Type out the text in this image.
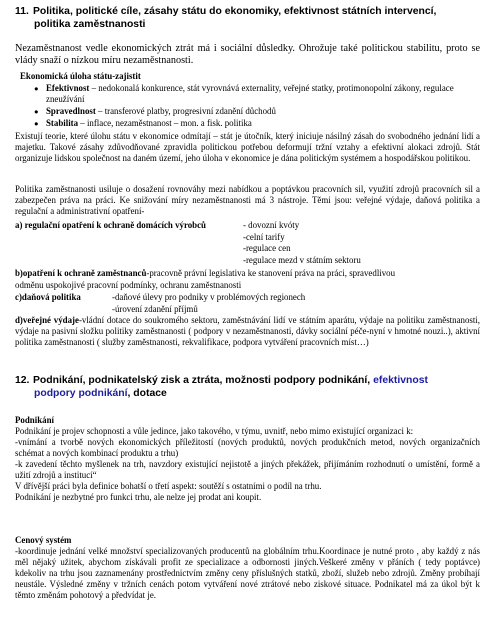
11. Politika, politické cíle, zásahy státu do ekonomiky, efektivnost státních intervencí,
politika zaměstnanosti
Nezaměstnanost vedle ekonomických ztrát má i sociální důsledky. Ohrožuje také politickou stabilitu, proto se vlády snaží o nízkou míru nezaměstnanosti.
Ekonomická úloha státu-zajistit
● Efektivnost – nedokonalá konkurence, stát vyrovnává externality, veřejné statky, protimonopolní zákony, regulace zneužívání
● Spravedlnost – transferové platby, progresivní zdanění důchodů
● Stabilita – inflace, nezaměstnanost – mon. a fisk. politika
Existují teorie, které úlohu státu v ekonomice odmítají – stát je útočník, který iniciuje násilný zásah do svobodného jednání lidí a majetku. Takové zásahy zdůvodňované zpravidla politickou potřebou deformují tržní vztahy a efektivní alokaci zdrojů. Stát organizuje lidskou společnost na daném území, jeho úloha v ekonomice je dána politickým systémem a hospodářskou politikou.
Politika zaměstnanosti usiluje o dosažení rovnováhy mezi nabídkou a poptávkou pracovních sil, využití zdrojů pracovních sil a zabezpečen práva na práci. Ke snižování míry nezaměstnanosti má 3 nástroje. Těmi jsou: veřejné výdaje, daňová politika a regulační a administrativní opatření-
a) regulační opatření k ochraně domácích výrobců	- dovozní kvóty
-celní tarify
-regulace cen
-regulace mezd v státním sektoru
b)opatření k ochraně zaměstnanců-pracovně právní legislativa ke stanovení práva na práci, spravedlivou
odměnu uspokojivé pracovní podmínky, ochranu zaměstnanosti
c)daňová politika	-daňové úlevy pro podniky v problémových regionech
-úrovení zdanění příjmů
d)veřejné výdaje-vládní dotace do soukromého sektoru, zaměstnávání lidí ve státním aparátu, výdaje na politiku zaměstnanosti, výdaje na pasivní složku politiky zaměstnanosti ( podpory v nezaměstnanosti, dávky sociální péče-nyní v hmotné nouzi..), aktivní politika zaměstnanosti ( služby zaměstnanosti, rekvalifikace, podpora vytváření pracovních míst…)
12. Podnikání, podnikatelský zisk a ztráta, možnosti podpory podnikání, efektivnost
podpory podnikání, dotace
Podnikání
Podnikání je projev schopnosti a vůle jedince, jako takového, v týmu, uvnitř, nebo mimo existující organizaci k:
-vnímání a tvorbě nových ekonomických příležitostí (nových produktů, nových produkčních metod, nových organizačních schémat a nových kombinací produktu a trhu)
-k zavedení těchto myšlenek na trh, navzdory existující nejistotě a jiných překážek, přijímáním rozhodnutí o umístění, formě a užití zdrojů a institucí“
V dřívější práci byla definice bohatší o třetí aspekt: soutěží s ostatními o podíl na trhu.
Podnikání je nezbytné pro funkci trhu, ale nelze jej prodat ani koupit.
Cenový systém
-koordinuje jednání velké množství specializovaných producentů na globálním trhu.Koordinace je nutné proto , aby každý z nás měl nějaký užitek, abychom získávali profit ze specializace a odbornosti jiných.Veškeré změny v přáních ( tedy poptávce) kdekoliv na trhu jsou zaznamenány prostřednictvím změny ceny příslušných statků, zboží, služeb nebo zdrojů. Změny probíhají neustále. Výsledné změny v tržních cenách potom vytváření nové ztrátové nebo ziskové situace. Podnikatel má za úkol být k těmto změnám pohotový a předvídat je.
